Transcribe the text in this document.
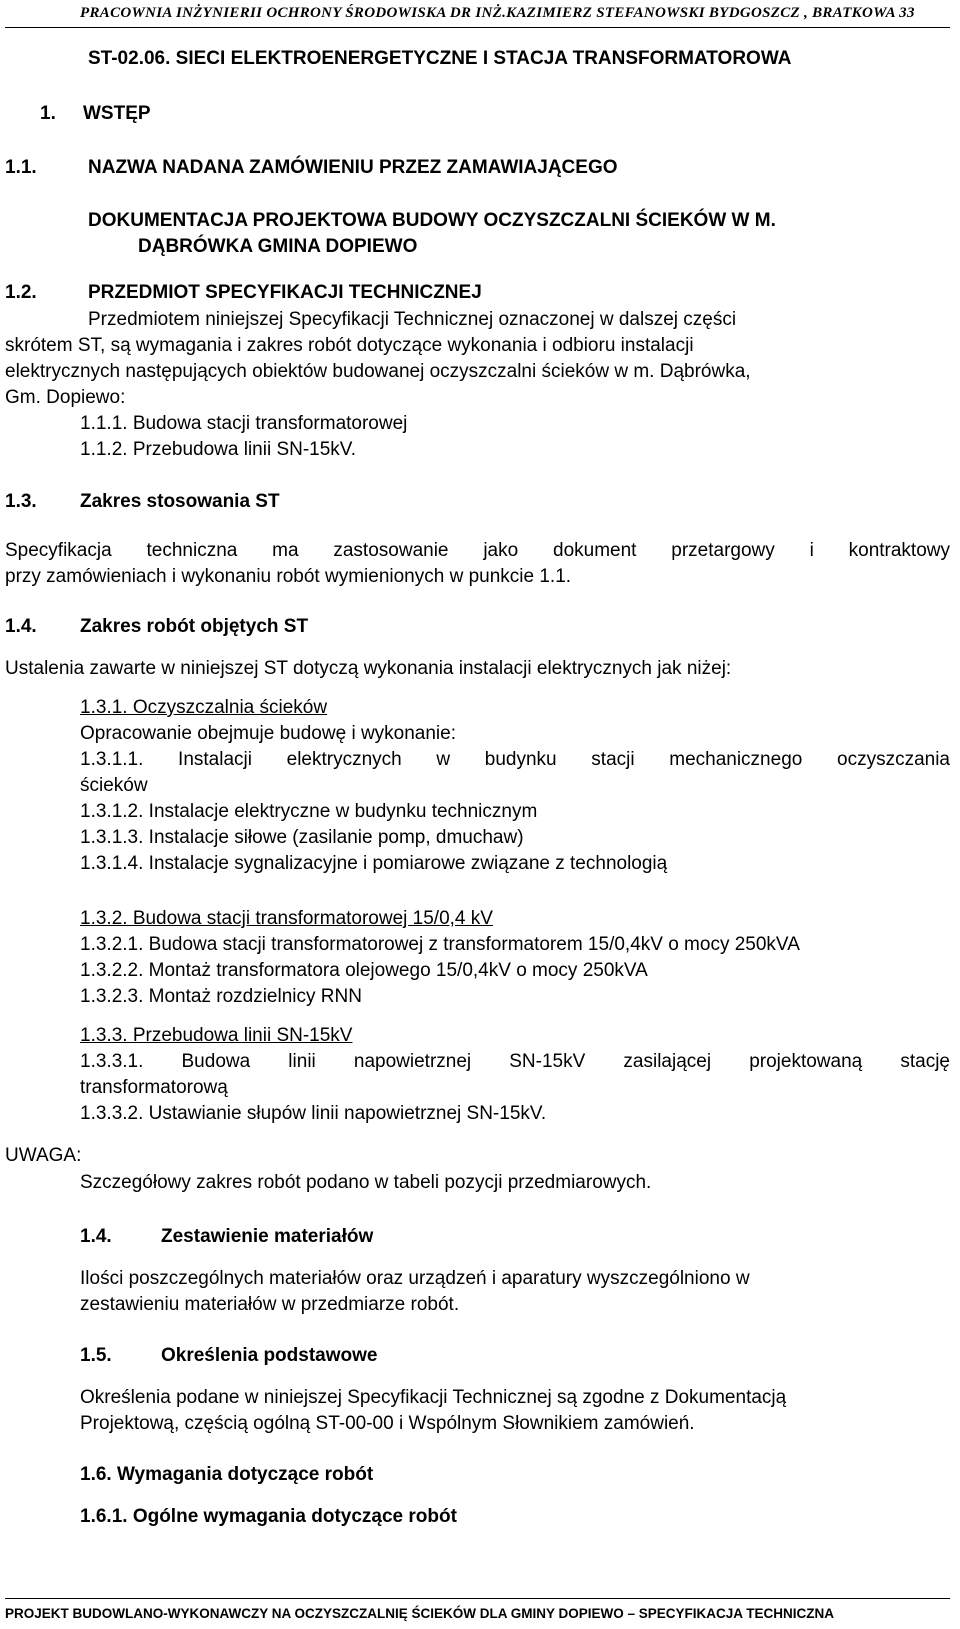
PRACOWNIA INŻYNIERII OCHRONY ŚRODOWISKA DR INŻ.KAZIMIERZ STEFANOWSKI BYDGOSZCZ , BRATKOWA 33
ST-02.06. SIECI ELEKTROENERGETYCZNE I STACJA TRANSFORMATOROWA
1. WSTĘP
1.1.	NAZWA NADANA ZAMÓWIENIU PRZEZ ZAMAWIAJĄCEGO
DOKUMENTACJA PROJEKTOWA BUDOWY OCZYSZCZALNI ŚCIEKÓW W M.
DĄBRÓWKA GMINA DOPIEWO
1.2.	PRZEDMIOT SPECYFIKACJI TECHNICZNEJ
Przedmiotem niniejszej Specyfikacji Technicznej oznaczonej w dalszej części
skrótem ST, są wymagania i zakres robót dotyczące wykonania i odbioru instalacji
elektrycznych następujących obiektów budowanej oczyszczalni ścieków w m. Dąbrówka,
Gm. Dopiewo:
1.1.1. Budowa stacji transformatorowej
1.1.2. Przebudowa linii SN-15kV.
1.3. Zakres stosowania ST
Specyfikacja techniczna ma zastosowanie jako dokument przetargowy i kontraktowy
przy zamówieniach i wykonaniu robót wymienionych w punkcie 1.1.
1.4. Zakres robót objętych ST
Ustalenia zawarte w niniejszej ST dotyczą wykonania instalacji elektrycznych jak niżej:
1.3.1. Oczyszczalnia ścieków
Opracowanie obejmuje budowę i wykonanie:
1.3.1.1. Instalacji elektrycznych w budynku stacji mechanicznego oczyszczania
ścieków
1.3.1.2. Instalacje elektryczne w budynku technicznym
1.3.1.3. Instalacje siłowe (zasilanie pomp, dmuchaw)
1.3.1.4. Instalacje sygnalizacyjne i pomiarowe związane z technologią
1.3.2. Budowa stacji transformatorowej 15/0,4 kV
1.3.2.1. Budowa stacji transformatorowej z transformatorem 15/0,4kV o mocy 250kVA
1.3.2.2. Montaż transformatora olejowego 15/0,4kV o mocy 250kVA
1.3.2.3. Montaż rozdzielnicy RNN
1.3.3. Przebudowa linii SN-15kV
1.3.3.1. Budowa linii napowietrznej SN-15kV zasilającej projektowaną stację
transformatorową
1.3.3.2. Ustawianie słupów linii napowietrznej SN-15kV.
UWAGA:
Szczegółowy zakres robót podano w tabeli pozycji przedmiarowych.
1.4.	Zestawienie materiałów
Ilości poszczególnych materiałów oraz urządzeń i aparatury wyszczególniono w
zestawieniu materiałów w przedmiarze robót.
1.5.	Określenia podstawowe
Określenia podane w niniejszej Specyfikacji Technicznej są zgodne z Dokumentacją
Projektową, częścią ogólną ST-00-00 i Wspólnym Słownikiem zamówień.
1.6. Wymagania dotyczące robót
1.6.1. Ogólne wymagania dotyczące robót
PROJEKT BUDOWLANO-WYKONAWCZY NA OCZYSZCZALNIĘ ŚCIEKÓW DLA GMINY DOPIEWO – SPECYFIKACJA TECHNICZNA
